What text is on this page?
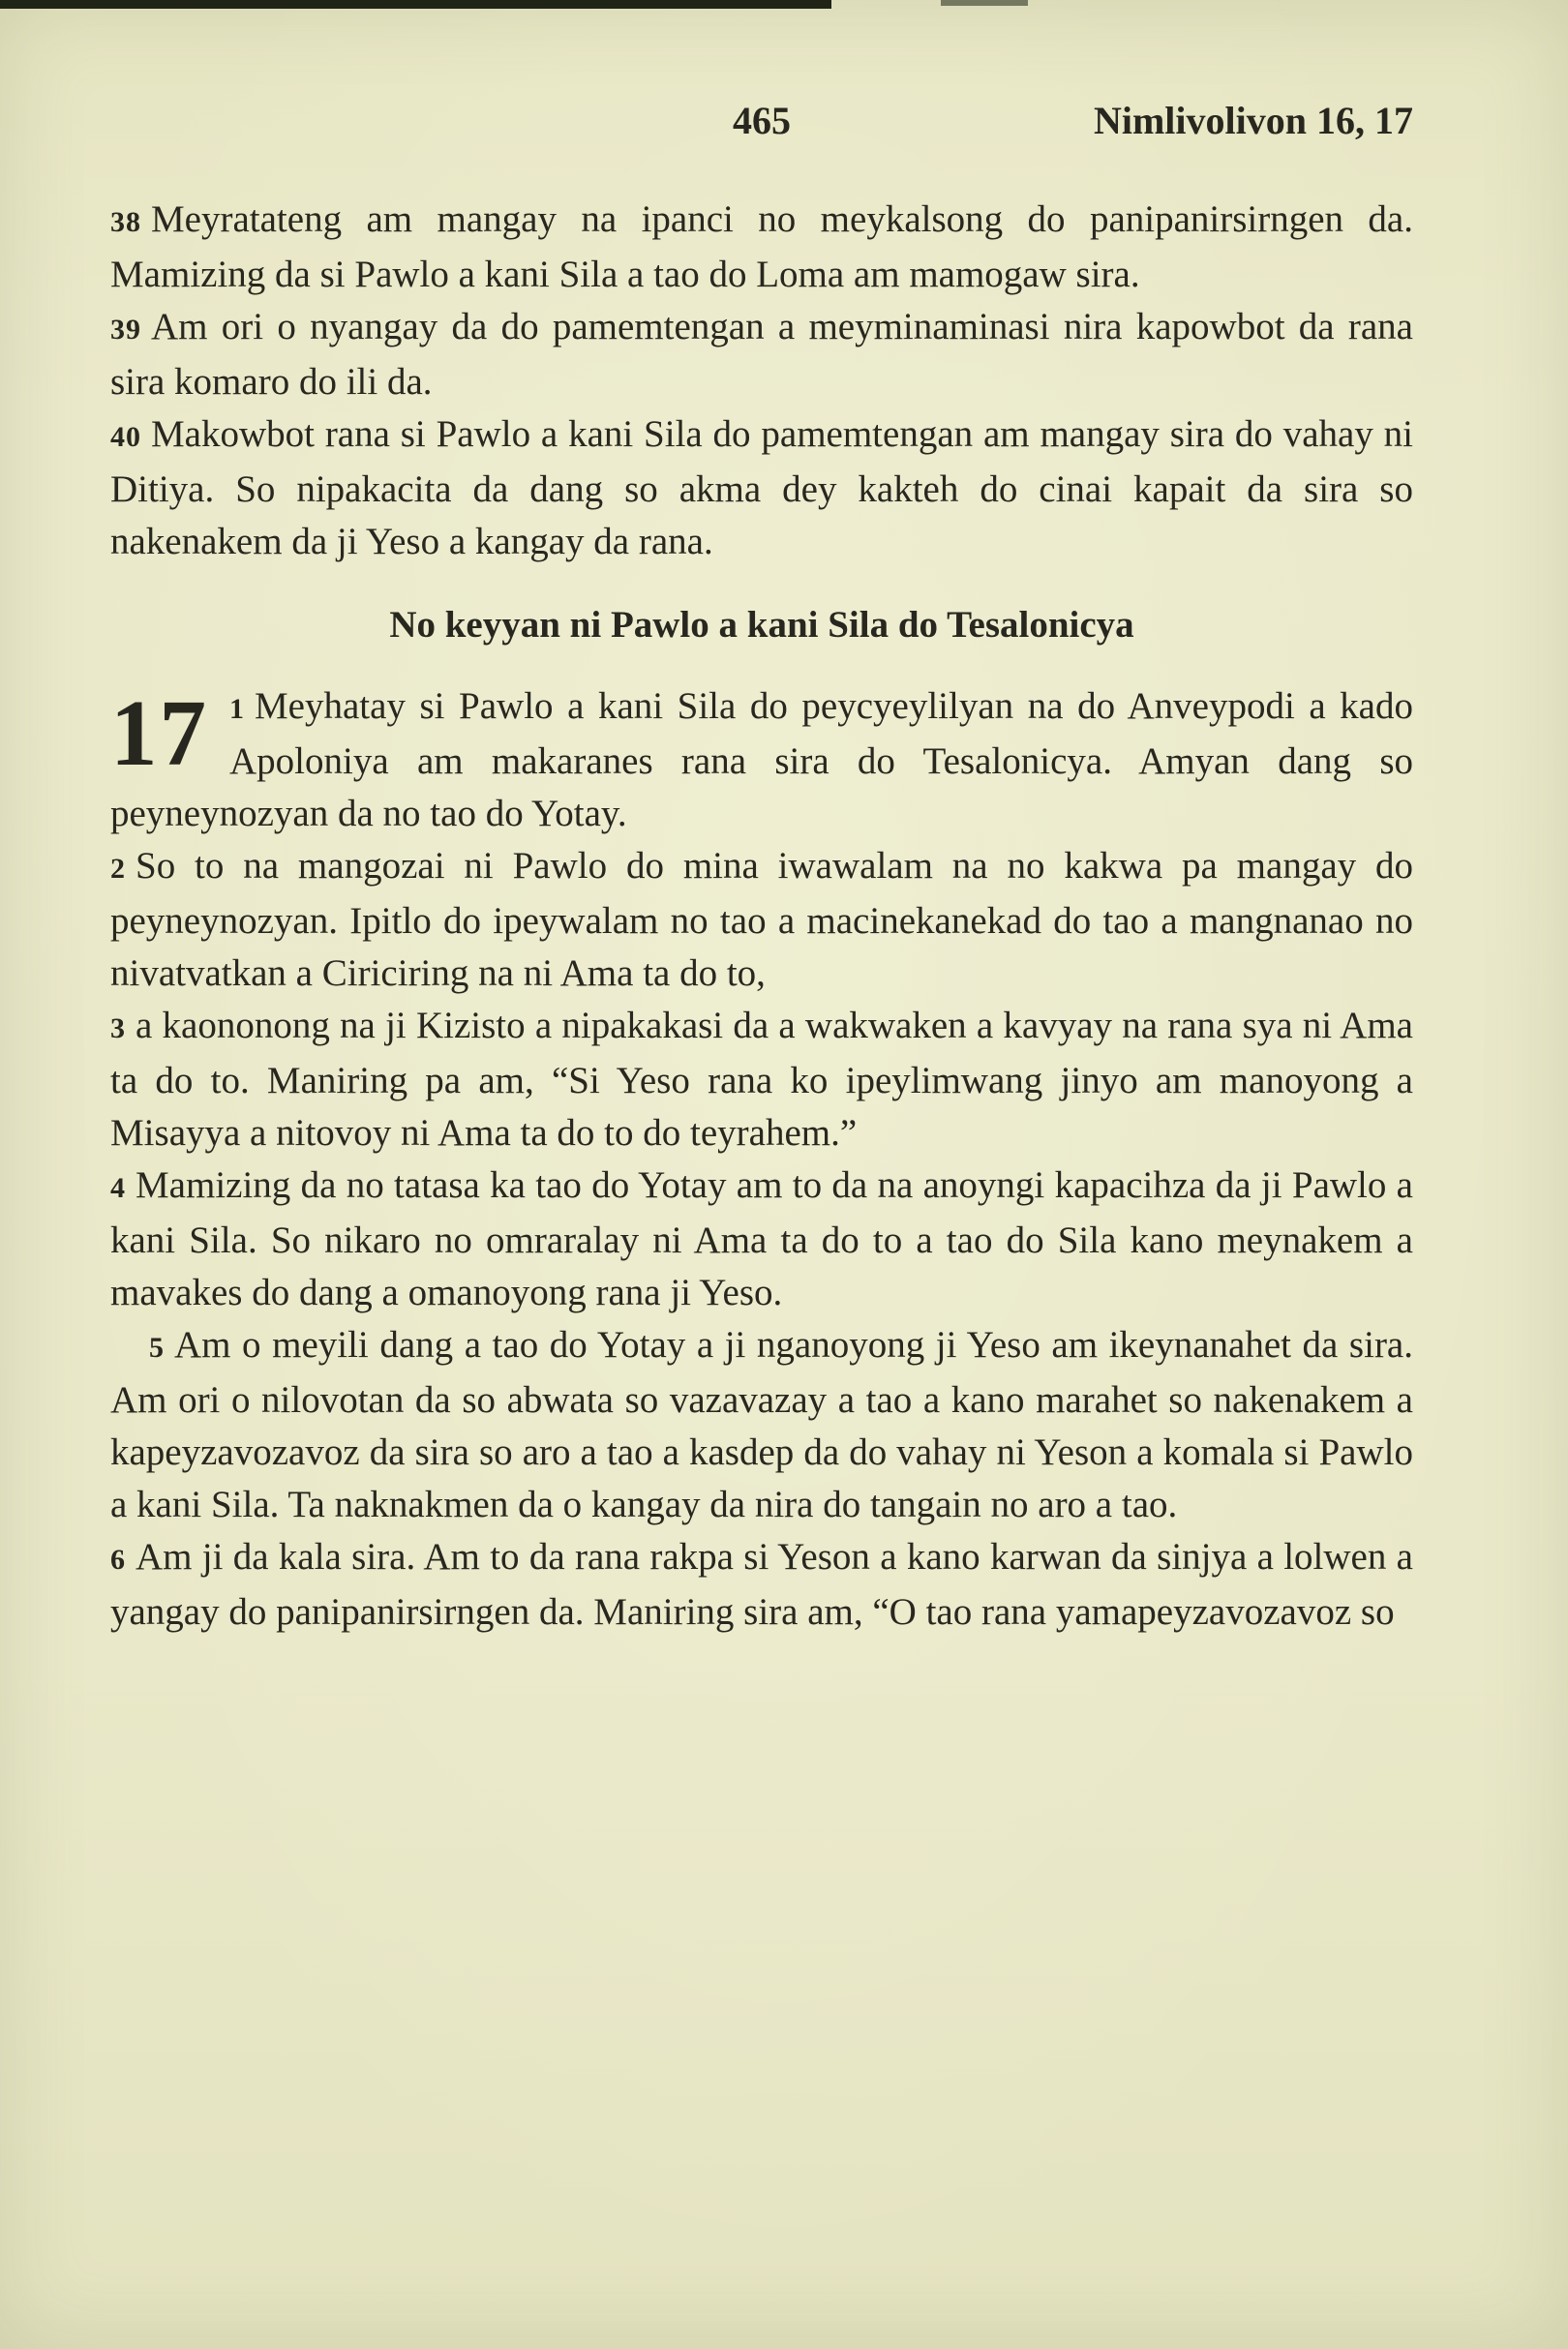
465	Nimlivolivon 16, 17

38 Meyratateng am mangay na ipanci no meykalsong do panipanirsirngen da. Mamizing da si Pawlo a kani Sila a tao do Loma am mamogaw sira.

39 Am ori o nyangay da do pamemtengan a meyminaminasi nira kapowbot da rana sira komaro do ili da.

40 Makowbot rana si Pawlo a kani Sila do pamemtengan am mangay sira do vahay ni Ditiya. So nipakacita da dang so akma dey kakteh do cinai kapait da sira so nakenakem da ji Yeso a kangay da rana.

No keyyan ni Pawlo a kani Sila do Tesalonicya

17 1 Meyhatay si Pawlo a kani Sila do peycyeylilyan na do Anveypodi a kado Apoloniya am makaranes rana sira do Tesalonicya. Amyan dang so peyneynozyan da no tao do Yotay.

2 So to na mangozai ni Pawlo do mina iwawalam na no kakwa pa mangay do peyneynozyan. Ipitlo do ipeywalam no tao a macinekanekad do tao a mangnanao no nivatvatkan a Ciriciring na ni Ama ta do to,

3 a kaononong na ji Kizisto a nipakakasi da a wakwaken a kavyay na rana sya ni Ama ta do to. Maniring pa am, “Si Yeso rana ko ipeylimwang jinyo am manoyong a Misayya a nitovoy ni Ama ta do to do teyrahem.”

4 Mamizing da no tatasa ka tao do Yotay am to da na anoyngi kapacihza da ji Pawlo a kani Sila. So nikaro no omraralay ni Ama ta do to a tao do Sila kano meynakem a mavakes do dang a omanoyong rana ji Yeso.

5 Am o meyili dang a tao do Yotay a ji nganoyong ji Yeso am ikeynanahet da sira. Am ori o nilovotan da so abwata so vazavazay a tao a kano marahet so nakenakem a kapeyzavozavoz da sira so aro a tao a kasdep da do vahay ni Yeson a komala si Pawlo a kani Sila. Ta naknakmen da o kangay da nira do tangain no aro a tao.

6 Am ji da kala sira. Am to da rana rakpa si Yeson a kano karwan da sinjya a lolwen a yangay do panipanirsirngen da. Maniring sira am, “O tao rana yamapeyzavozavoz so
